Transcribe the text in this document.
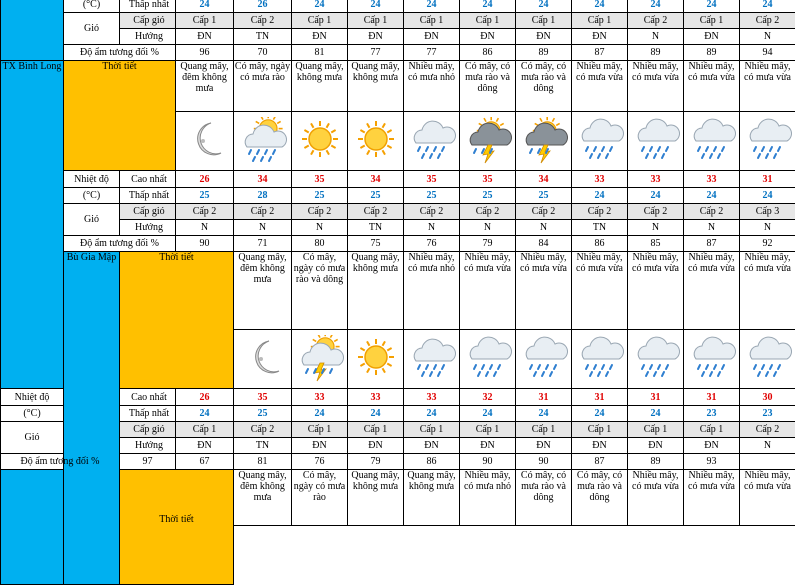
	(°C)	Thấp nhất	24	26	24	24	24	24	24	24	24	24	24	
	Gió	Cấp gió	Cấp 1	Cấp 2	Cấp 1	Cấp 1	Cấp 1	Cấp 1	Cấp 1	Cấp 1	Cấp 2	Cấp 1	Cấp 2	
		Hướng	ĐN	TN	ĐN	ĐN	ĐN	ĐN	ĐN	ĐN	N	ĐN	N	
	Độ ẩm tương đối %		96	70	81	77	77	86	89	87	89	89	94	
TX Bình Long	Thời tiết		Quang mây, đêm không mưa	Có mây, ngày có mưa rào	Quang mây, không mưa	Quang mây, không mưa	Nhiều mây, có mưa nhỏ	Có mây, có mưa rào và dông	Có mây, có mưa rào và dông	Nhiều mây, có mưa vừa	Nhiều mây, có mưa vừa	Nhiều mây, có mưa vừa	Nhiều mây, có mưa vừa	

	Nhiệt độ	Cao nhất	26	34	35	34	35	35	34	33	33	33	31	
	(°C)	Thấp nhất	25	28	25	25	25	25	25	24	24	24	24	
	Gió	Cấp gió	Cấp 2	Cấp 2	Cấp 2	Cấp 2	Cấp 2	Cấp 2	Cấp 2	Cấp 2	Cấp 2	Cấp 2	Cấp 3	
		Hướng	N	N	N	TN	N	N	N	TN	N	N	N	
	Độ ẩm tương đối %		90	71	80	75	76	79	84	86	85	87	92	
	Bù Gia Mập	Thời tiết		Quang mây, đêm không mưa	Có mây, ngày có mưa rào và dông	Quang mây, không mưa	Nhiều mây, có mưa nhỏ	Nhiều mây, có mưa vừa	Nhiều mây, có mưa vừa	Nhiều mây, có mưa vừa	Nhiều mây, có mưa vừa	Nhiều mây, có mưa vừa	Nhiều mây, có mưa vừa	

Nhiệt độ		Cao nhất	26	35	33	33	33	32	31	31	31	31	30	
(°C)		Thấp nhất	24	25	24	24	24	24	24	24	24	23	23	
Gió		Cấp gió	Cấp 1	Cấp 2	Cấp 1	Cấp 1	Cấp 1	Cấp 1	Cấp 1	Cấp 1	Cấp 1	Cấp 1	Cấp 2	
		Hướng	ĐN	TN	ĐN	ĐN	ĐN	ĐN	ĐN	ĐN	ĐN	ĐN	N	
Độ ẩm tương đối %		97	67	81	76	79	86	90	90	87	89	93		

		Thời tiết		Quang mây, đêm không mưa	Có mây, ngày có mưa rào	Quang mây, không mưa	Quang mây, không mưa	Nhiều mây, có mưa nhỏ	Có mây, có mưa rào và dông	Có mây, có mưa rào và dông	Nhiều mây, có mưa vừa	Nhiều mây, có mưa vừa	Nhiều mây, có mưa vừa	
